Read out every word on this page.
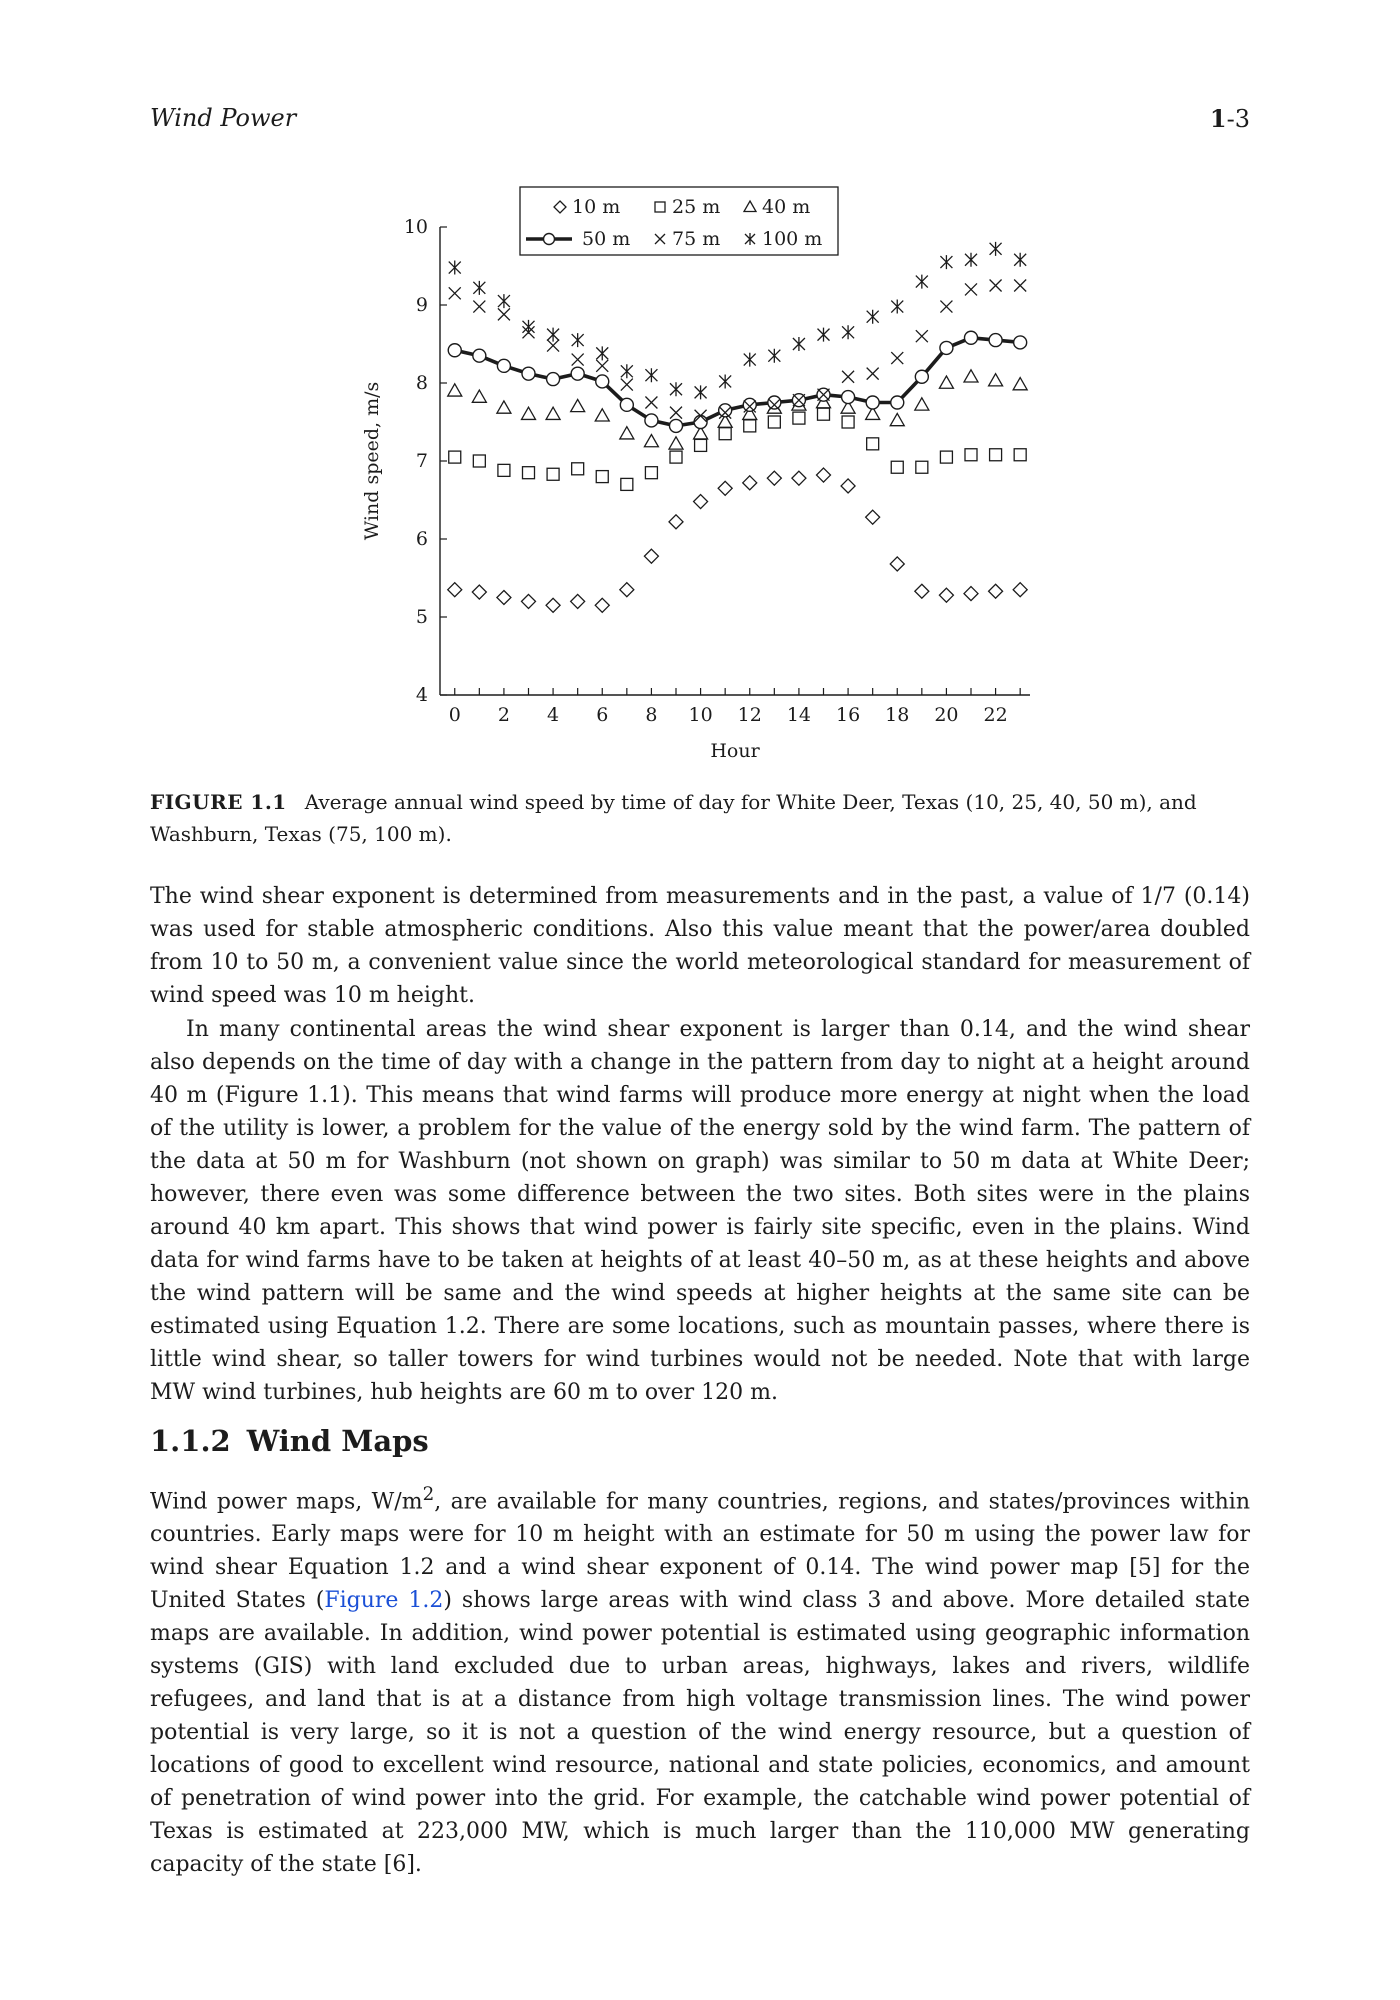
Wind Power	1-3
4
5
6
7
8
9
10
0 2 4 6 8 10 12 14 16 18 20 22
Hour
Wind speed, m/s
10 m	25 m 40 m
50 m 75 m 100 m
FIGURE 1.1 Average annual wind speed by time of day for White Deer, Texas (10, 25, 40, 50 m), and Washburn, Texas (75, 100 m).

The wind shear exponent is determined from measurements and in the past, a value of 1/7 (0.14) was used for stable atmospheric conditions. Also this value meant that the power/area doubled from 10 to 50 m, a convenient value since the world meteorological standard for measurement of wind speed was 10 m height.

In many continental areas the wind shear exponent is larger than 0.14, and the wind shear also depends on the time of day with a change in the pattern from day to night at a height around 40 m (Figure 1.1). This means that wind farms will produce more energy at night when the load of the utility is lower, a problem for the value of the energy sold by the wind farm. The pattern of the data at 50 m for Washburn (not shown on graph) was similar to 50 m data at White Deer; however, there even was some difference between the two sites. Both sites were in the plains around 40 km apart. This shows that wind power is fairly site specific, even in the plains. Wind data for wind farms have to be taken at heights of at least 40–50 m, as at these heights and above the wind pattern will be same and the wind speeds at higher heights at the same site can be estimated using Equation 1.2. There are some locations, such as mountain passes, where there is little wind shear, so taller towers for wind turbines would not be needed. Note that with large MW wind turbines, hub heights are 60 m to over 120 m.

1.1.2 Wind Maps

Wind power maps, $W/m^2$, are available for many countries, regions, and states/provinces within countries. Early maps were for 10 m height with an estimate for 50 m using the power law for wind shear Equation 1.2 and a wind shear exponent of 0.14. The wind power map [5] for the United States (Figure 1.2) shows large areas with wind class 3 and above. More detailed state maps are available. In addition, wind power potential is estimated using geographic information systems (GIS) with land excluded due to urban areas, highways, lakes and rivers, wildlife refugees, and land that is at a distance from high voltage transmission lines. The wind power potential is very large, so it is not a question of the wind energy resource, but a question of locations of good to excellent wind resource, national and state policies, economics, and amount of penetration of wind power into the grid. For example, the catchable wind power potential of Texas is estimated at 223,000 MW, which is much larger than the 110,000 MW generating capacity of the state [6].
